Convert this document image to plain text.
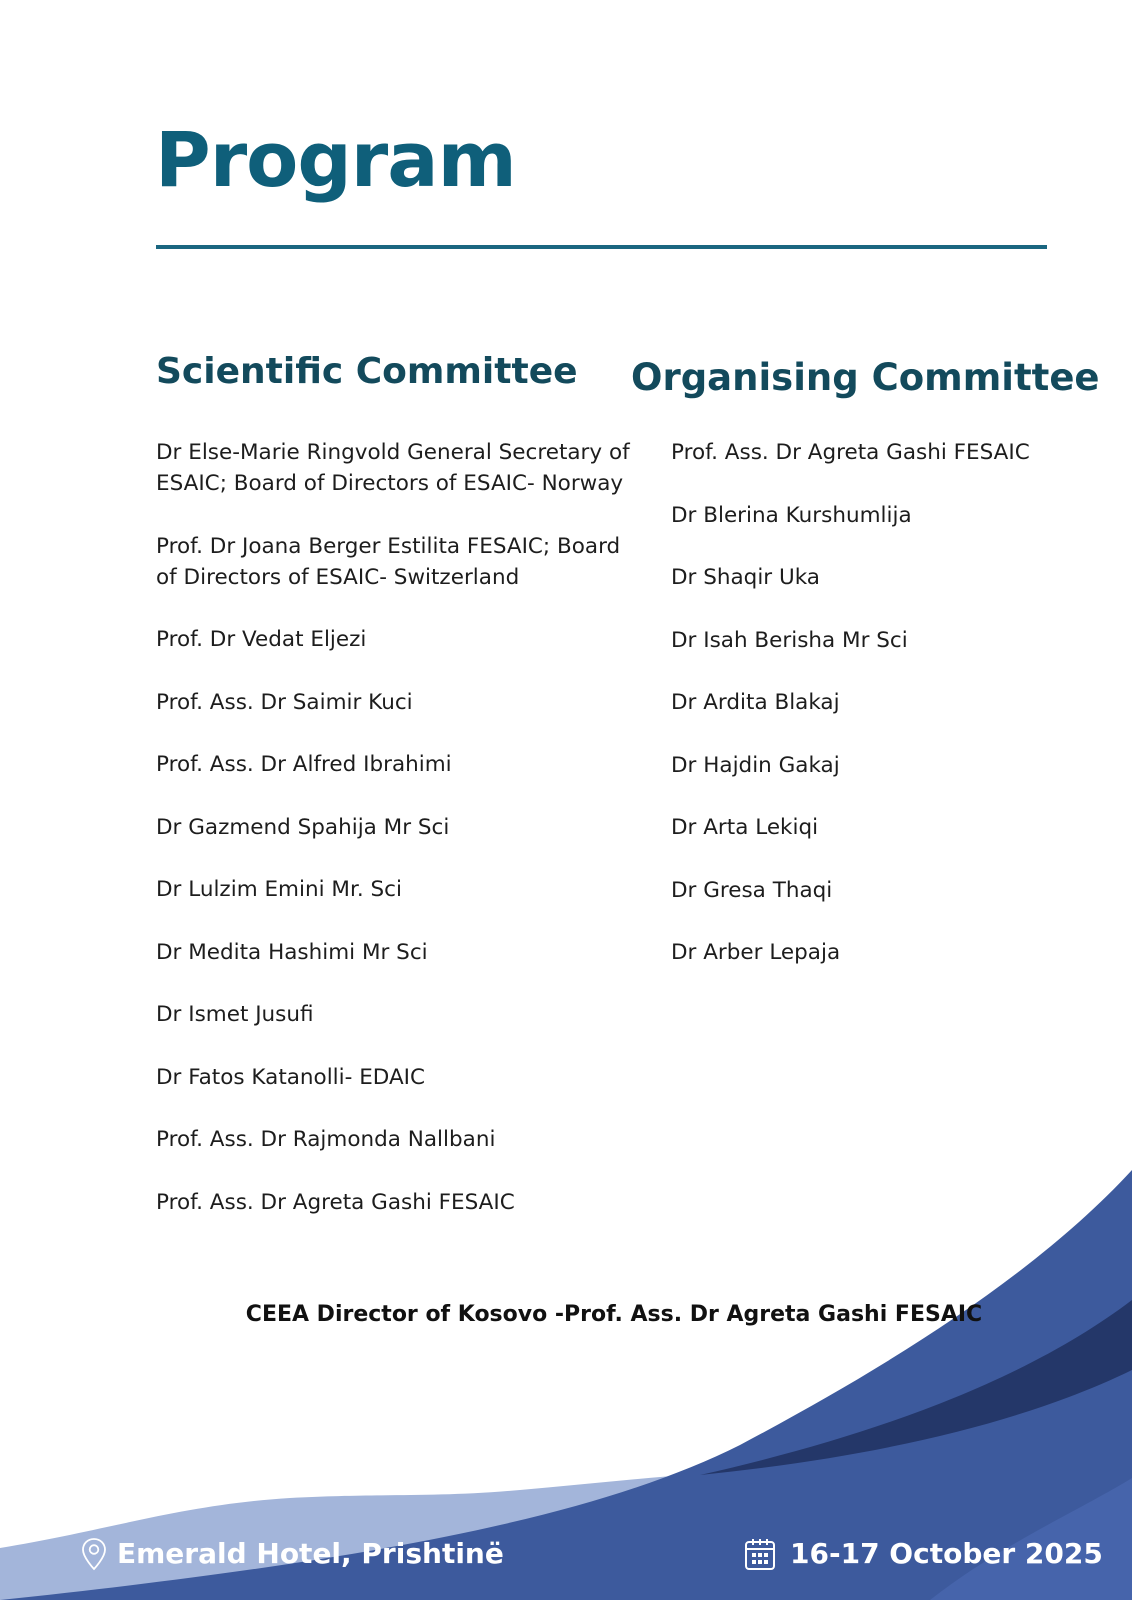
Program
Scientific Committee Organising Committee
Dr Else-Marie Ringvold General Secretary of ESAIC; Board of Directors of ESAIC- Norway
Prof. Dr Joana Berger Estilita FESAIC; Board of Directors of ESAIC- Switzerland
Prof. Dr Vedat Eljezi
Prof. Ass. Dr Saimir Kuci
Prof. Ass. Dr Alfred Ibrahimi
Dr Gazmend Spahija Mr Sci
Dr Lulzim Emini Mr. Sci
Dr Medita Hashimi Mr Sci
Dr Ismet Jusufi
Dr Fatos Katanolli- EDAIC
Prof. Ass. Dr Rajmonda Nallbani
Prof. Ass. Dr Agreta Gashi FESAIC
Prof. Ass. Dr Agreta Gashi FESAIC
Dr Blerina Kurshumlija
Dr Shaqir Uka
Dr Isah Berisha Mr Sci
Dr Ardita Blakaj
Dr Hajdin Gakaj
Dr Arta Lekiqi
Dr Gresa Thaqi
Dr Arber Lepaja

CEEA Director of Kosovo -Prof. Ass. Dr Agreta Gashi FESAIC

Emerald Hotel, Prishtinë	16-17 October 2025
